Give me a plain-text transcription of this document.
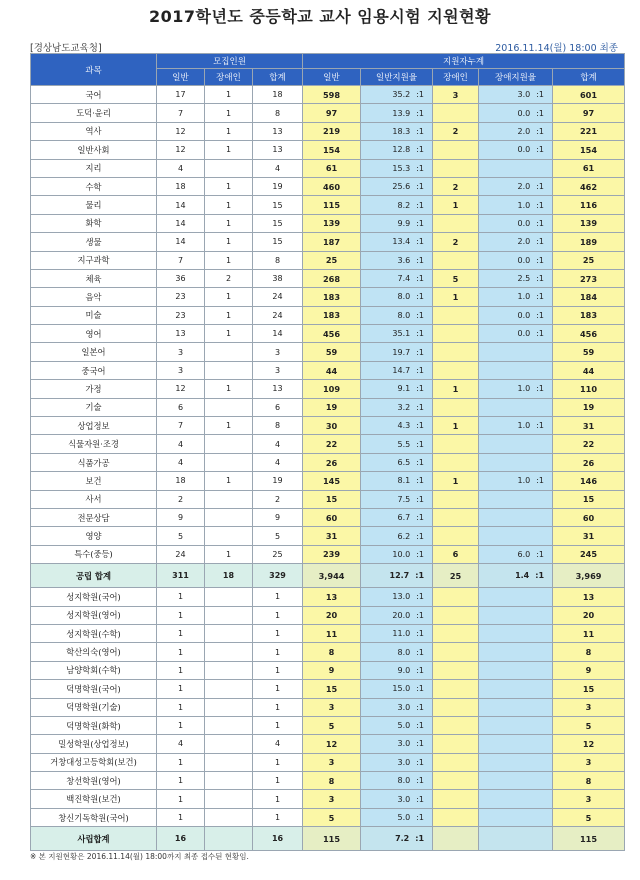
2017학년도 중등학교 교사 임용시험 지원현황
[경상남도교육청]	2016.11.14(월) 18:00 최종
과목	모집인원			지원자누계				
	일반	장애인	합계	일반	일반지원율	장애인	장애지원율	합계
국어	17	1	18	598	35.2 :1	3	3.0 :1	601
도덕·윤리	7	1	8	97	13.9 :1		0.0 :1	97
역사	12	1	13	219	18.3 :1	2	2.0 :1	221
일반사회	12	1	13	154	12.8 :1		0.0 :1	154
지리	4		4	61	15.3 :1			61
수학	18	1	19	460	25.6 :1	2	2.0 :1	462
물리	14	1	15	115	8.2 :1	1	1.0 :1	116
화학	14	1	15	139	9.9 :1		0.0 :1	139
생물	14	1	15	187	13.4 :1	2	2.0 :1	189
지구과학	7	1	8	25	3.6 :1		0.0 :1	25
체육	36	2	38	268	7.4 :1	5	2.5 :1	273
음악	23	1	24	183	8.0 :1	1	1.0 :1	184
미술	23	1	24	183	8.0 :1		0.0 :1	183
영어	13	1	14	456	35.1 :1		0.0 :1	456
일본어	3		3	59	19.7 :1			59
중국어	3		3	44	14.7 :1			44
가정	12	1	13	109	9.1 :1	1	1.0 :1	110
기술	6		6	19	3.2 :1			19
상업정보	7	1	8	30	4.3 :1	1	1.0 :1	31
식물자원·조경	4		4	22	5.5 :1			22
식품가공	4		4	26	6.5 :1			26
보건	18	1	19	145	8.1 :1	1	1.0 :1	146
사서	2		2	15	7.5 :1			15
전문상담	9		9	60	6.7 :1			60
영양	5		5	31	6.2 :1			31
특수(중등)	24	1	25	239	10.0 :1	6	6.0 :1	245
공립 합계	311	18	329	3,944	12.7 :1	25	1.4 :1	3,969
성지학원(국어)	1		1	13	13.0 :1			13
성지학원(영어)	1		1	20	20.0 :1			20
성지학원(수학)	1		1	11	11.0 :1			11
학산의숙(영어)	1		1	8	8.0 :1			8
남양학회(수학)	1		1	9	9.0 :1			9
덕명학원(국어)	1		1	15	15.0 :1			15
덕명학원(기술)	1		1	3	3.0 :1			3
덕명학원(화학)	1		1	5	5.0 :1			5
밀성학원(상업정보)	4		4	12	3.0 :1			12
거창대성고등학회(보건)	1		1	3	3.0 :1			3
창선학원(영어)	1		1	8	8.0 :1			8
백진학원(보건)	1		1	3	3.0 :1			3
창신기독학원(국어)	1		1	5	5.0 :1			5
사립합계	16		16	115	7.2 :1			115
※ 본 지원현황은 2016.11.14(월) 18:00까지 최종 접수된 현황임.
